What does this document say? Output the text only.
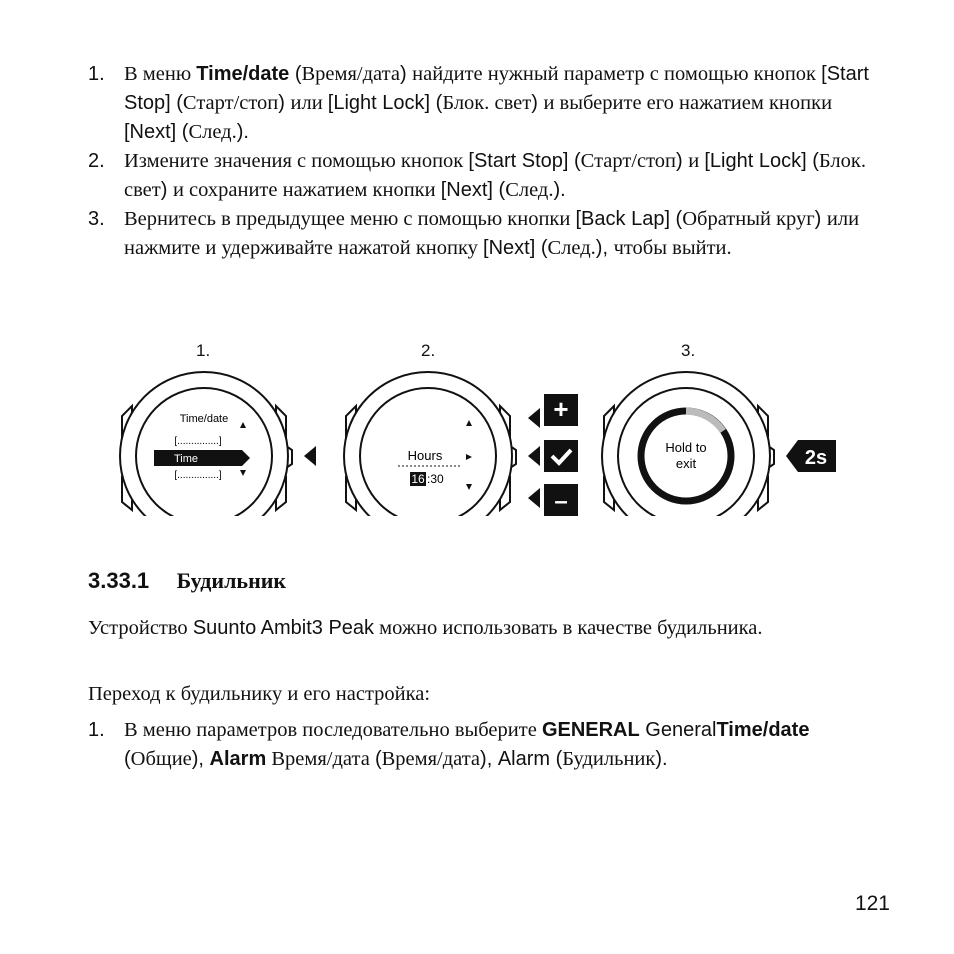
1. В меню Time/date (Время/дата) найдите нужный параметр с помощью кнопок [Start Stop] (Старт/стоп) или [Light Lock] (Блок. свет) и выберите его нажатием кнопки [Next] (След.).
2. Измените значения с помощью кнопок [Start Stop] (Старт/стоп) и [Light Lock] (Блок. свет) и сохраните нажатием кнопки [Next] (След.).
3. Вернитесь в предыдущее меню с помощью кнопки [Back Lap] (Обратный круг) или нажмите и удерживайте нажатой кнопку [Next] (След.), чтобы выйти.
1.	2.	3.
Time/date
[...............]
Time
[...............]
Hours
16 :30
+
–
Hold to
exit	2s
3.33.1 Будильник
Устройство Suunto Ambit3 Peak можно использовать в качестве будильника.
Переход к будильнику и его настройка:
1. В меню параметров последовательно выберите GENERAL GeneralTime/date (Общие), Alarm Время/дата (Время/дата), Alarm (Будильник).
121
